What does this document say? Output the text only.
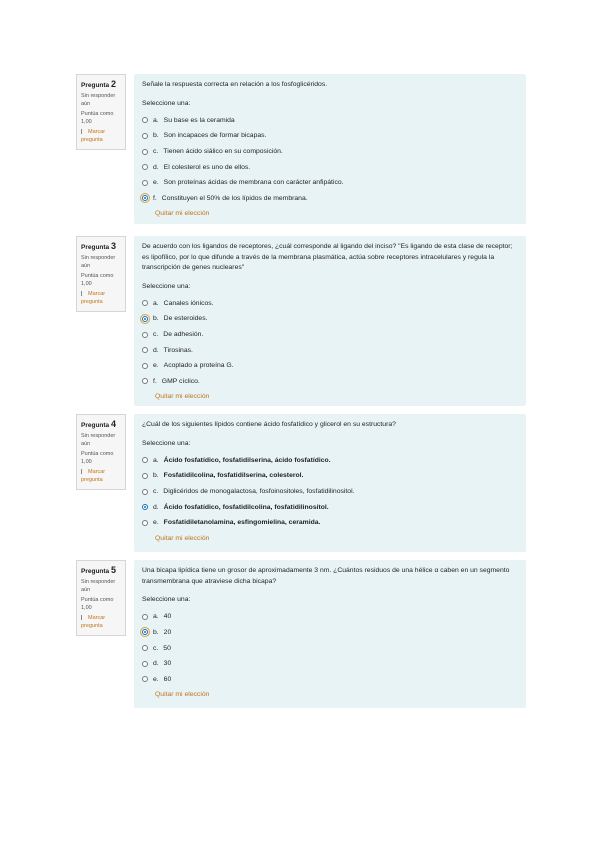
Pregunta 2
Sin responder aún
Puntúa como 1,00
Marcar pregunta
Señale la respuesta correcta en relación a los fosfoglicéridos.
Seleccione una:
a. Su base es la ceramida
b. Son incapaces de formar bicapas.
c. Tienen ácido siálico en su composición.
d. El colesterol es uno de ellos.
e. Son proteínas ácidas de membrana con carácter anfipático.
f. Constituyen el 50% de los lípidos de membrana.
Quitar mi elección
Pregunta 3
Sin responder aún
Puntúa como 1,00
Marcar pregunta
De acuerdo con los ligandos de receptores, ¿cuál corresponde al ligando del inciso? "Es ligando de esta clase de receptor; es lipofílico, por lo que difunde a través de la membrana plasmática, actúa sobre receptores intracelulares y regula la transcripción de genes nucleares"
Seleccione una:
a. Canales iónicos.
b. De esteroides.
c. De adhesión.
d. Tirosinas.
e. Acoplado a proteína G.
f. GMP cíclico.
Quitar mi elección
Pregunta 4
Sin responder aún
Puntúa como 1,00
Marcar pregunta
¿Cuál de los siguientes lípidos contiene ácido fosfatídico y glicerol en su estructura?
Seleccione una:
a. Ácido fosfatídico, fosfatidilserina, ácido fosfatídico.
b. Fosfatidilcolina, fosfatidilserina, colesterol.
c. Diglicéridos de monogalactosa, fosfoinositoles, fosfatidilinositol.
d. Ácido fosfatídico, fosfatidilcolina, fosfatidilinositol.
e. Fosfatidiletanolamina, esfingomielina, ceramida.
Quitar mi elección
Pregunta 5
Sin responder aún
Puntúa como 1,00
Marcar pregunta
Una bicapa lipídica tiene un grosor de aproximadamente 3 nm. ¿Cuántos residuos de una hélice α caben en un segmento transmembrana que atraviese dicha bicapa?
Seleccione una:
a. 40
b. 20
c. 50
d. 30
e. 60
Quitar mi elección
